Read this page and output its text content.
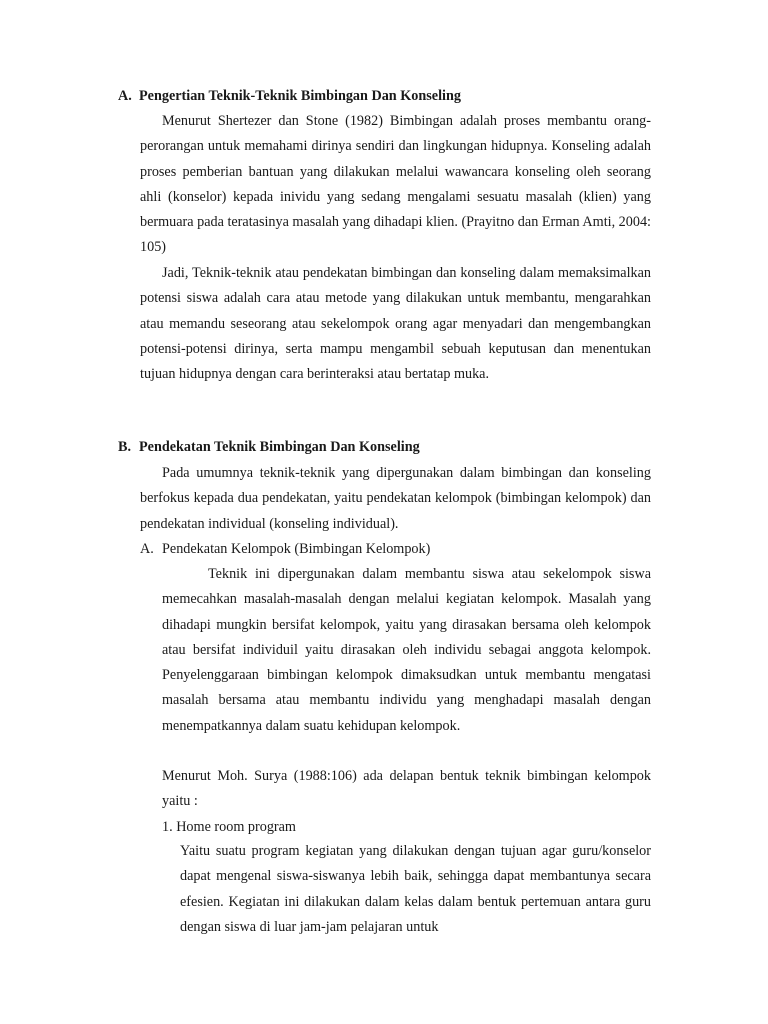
A. Pengertian Teknik-Teknik Bimbingan Dan Konseling

Menurut Shertezer dan Stone (1982) Bimbingan adalah proses membantu orang-perorangan untuk memahami dirinya sendiri dan lingkungan hidupnya. Konseling adalah proses pemberian bantuan yang dilakukan melalui wawancara konseling oleh seorang ahli (konselor) kepada inividu yang sedang mengalami sesuatu masalah (klien) yang bermuara pada teratasinya masalah yang dihadapi klien. (Prayitno dan Erman Amti, 2004: 105)

Jadi, Teknik-teknik atau pendekatan bimbingan dan konseling dalam memaksimalkan potensi siswa adalah cara atau metode yang dilakukan untuk membantu, mengarahkan atau memandu seseorang atau sekelompok orang agar menyadari dan mengembangkan potensi-potensi dirinya, serta mampu mengambil sebuah keputusan dan menentukan tujuan hidupnya dengan cara berinteraksi atau bertatap muka.

B. Pendekatan Teknik Bimbingan Dan Konseling

Pada umumnya teknik-teknik yang dipergunakan dalam bimbingan dan konseling berfokus kepada dua pendekatan, yaitu pendekatan kelompok (bimbingan kelompok) dan pendekatan individual (konseling individual).

A. Pendekatan Kelompok (Bimbingan Kelompok)

Teknik ini dipergunakan dalam membantu siswa atau sekelompok siswa memecahkan masalah-masalah dengan melalui kegiatan kelompok. Masalah yang dihadapi mungkin bersifat kelompok, yaitu yang dirasakan bersama oleh kelompok atau bersifat individuil yaitu dirasakan oleh individu sebagai anggota kelompok. Penyelenggaraan bimbingan kelompok dimaksudkan untuk membantu mengatasi masalah bersama atau membantu individu yang menghadapi masalah dengan menempatkannya dalam suatu kehidupan kelompok.

Menurut Moh. Surya (1988:106) ada delapan bentuk teknik bimbingan kelompok yaitu :

1. Home room program

Yaitu suatu program kegiatan yang dilakukan dengan tujuan agar guru/konselor dapat mengenal siswa-siswanya lebih baik, sehingga dapat membantunya secara efesien. Kegiatan ini dilakukan dalam kelas dalam bentuk pertemuan antara guru dengan siswa di luar jam-jam pelajaran untuk
